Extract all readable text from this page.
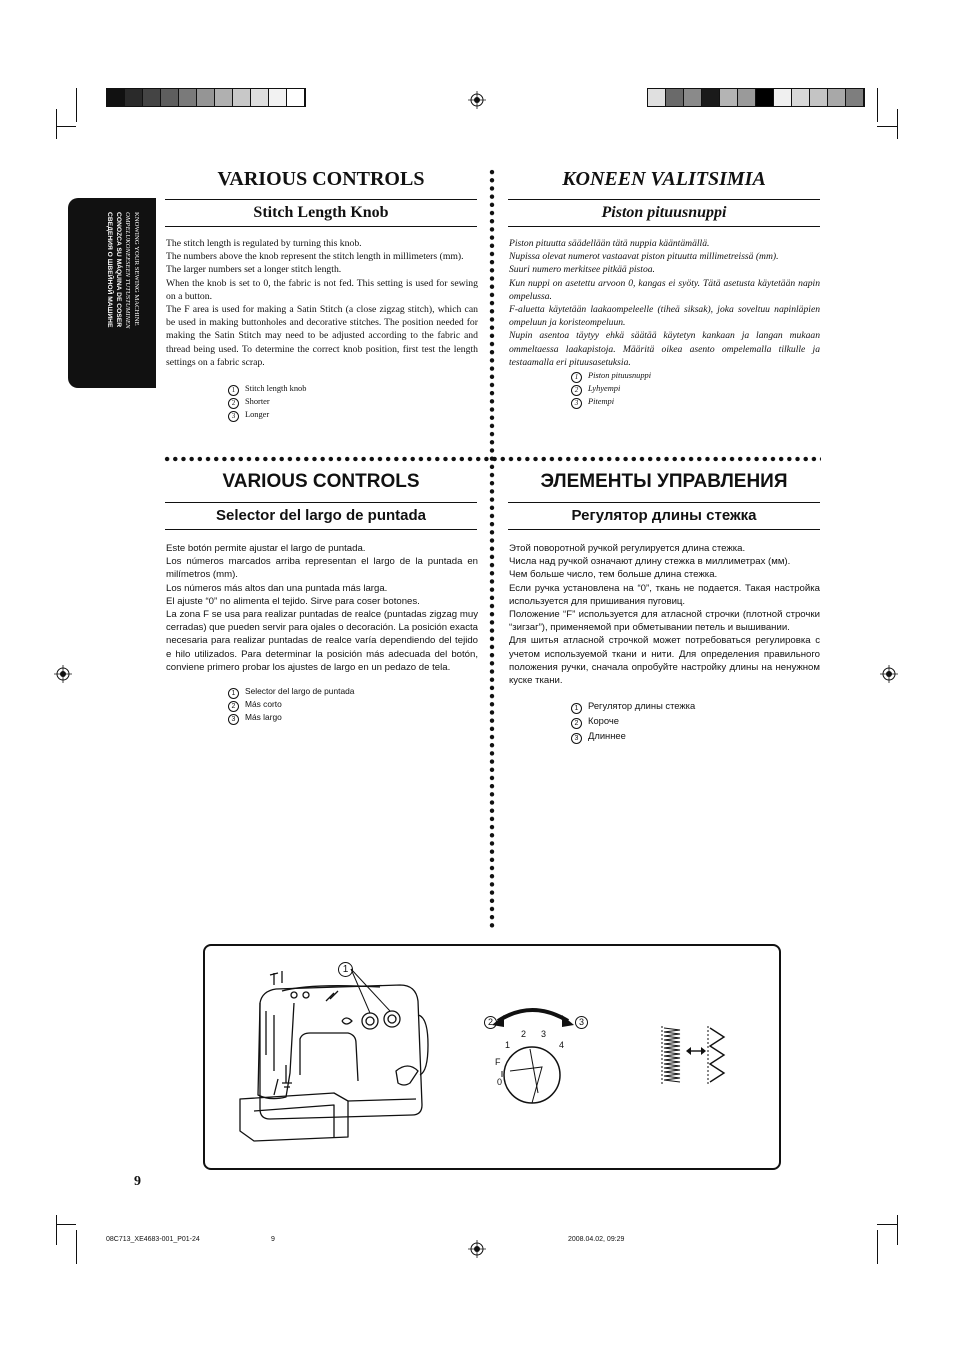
KNOWING YOUR SEWING MACHINE
OMPELUKONEESEEN TUTUSTUMINEN
CONOZCA SU MÁQUINA DE COSER
СВЕДЕНИЯ О ШВЕЙНОЙ МАШИНЕ
VARIOUS CONTROLS
Stitch Length Knob

The stitch length is regulated by turning this knob.

The numbers above the knob represent the stitch length in millimeters (mm).

The larger numbers set a longer stitch length.

When the knob is set to 0, the fabric is not fed. This setting is used for sewing on a button.

The F area is used for making a Satin Stitch (a close zigzag stitch), which can be used in making buttonholes and decorative stitches. The position needed for making the Satin Stitch may need to be adjusted according to the fabric and thread being used. To determine the correct knob position, first test the length settings on a fabric scrap.

1 Stitch length knob
2 Shorter
3 Longer
KONEEN VALITSIMIA
Piston pituusnuppi

Piston pituutta säädellään tätä nuppia kääntämällä.

Nupissa olevat numerot vastaavat piston pituutta millimetreissä (mm).

Suuri numero merkitsee pitkää pistoa.

Kun nuppi on asetettu arvoon 0, kangas ei syöty. Tätä asetusta käytetään napin ompelussa.

F-aluetta käytetään laakaompeleelle (tiheä siksak), joka soveltuu napinläpien ompeluun ja koristeompeluun.

Nupin asentoa täytyy ehkä säätää käytetyn kankaan ja langan mukaan ommeltaessa laakapistoja. Määritä oikea asento ompelemalla tilkulle ja testaamalla eri pituusasetuksia.

1 Piston pituusnuppi
2 Lyhyempi
3 Pitempi
VARIOUS CONTROLS
Selector del largo de puntada

Este botón permite ajustar el largo de puntada.

Los números marcados arriba representan el largo de la puntada en milímetros (mm).

Los números más altos dan una puntada más larga.

El ajuste “0” no alimenta el tejido. Sirve para coser botones.

La zona F se usa para realizar puntadas de realce (puntadas zigzag muy cerradas) que pueden servir para ojales o decoración. La posición exacta necesaria para realizar puntadas de realce varía dependiendo del tejido e hilo utilizados. Para determinar la posición más adecuada del botón, conviene primero probar los ajustes de largo en un pedazo de tela.

1 Selector del largo de puntada
2 Más corto
3 Más largo
ЭЛЕМЕНТЫ УПРАВЛЕНИЯ
Регулятор длины стежка

Этой поворотной ручкой регулируется длина стежка.

Числа над ручкой означают длину стежка в миллиметрах (мм).

Чем больше число, тем больше длина стежка.

Если ручка установлена на “0”, ткань не подается. Такая настройка используется для пришивания пуговиц.

Положение “F” используется для атласной строчки (плотной строчки “зигзаг”), применяемой при обметывании петель и вышивании.

Для шитья атласной строчкой может потребоваться регулировка с учетом используемой ткани и нити. Для определения правильного положения ручки, сначала опробуйте настройку длины на ненужном куске ткани.

1 Регулятор длины стежка
2 Короче
3 Длиннее
1
2	3
1
2 3
4
F
0
9
08C713_XE4683-001_P01-24	9	2008.04.02, 09:29
